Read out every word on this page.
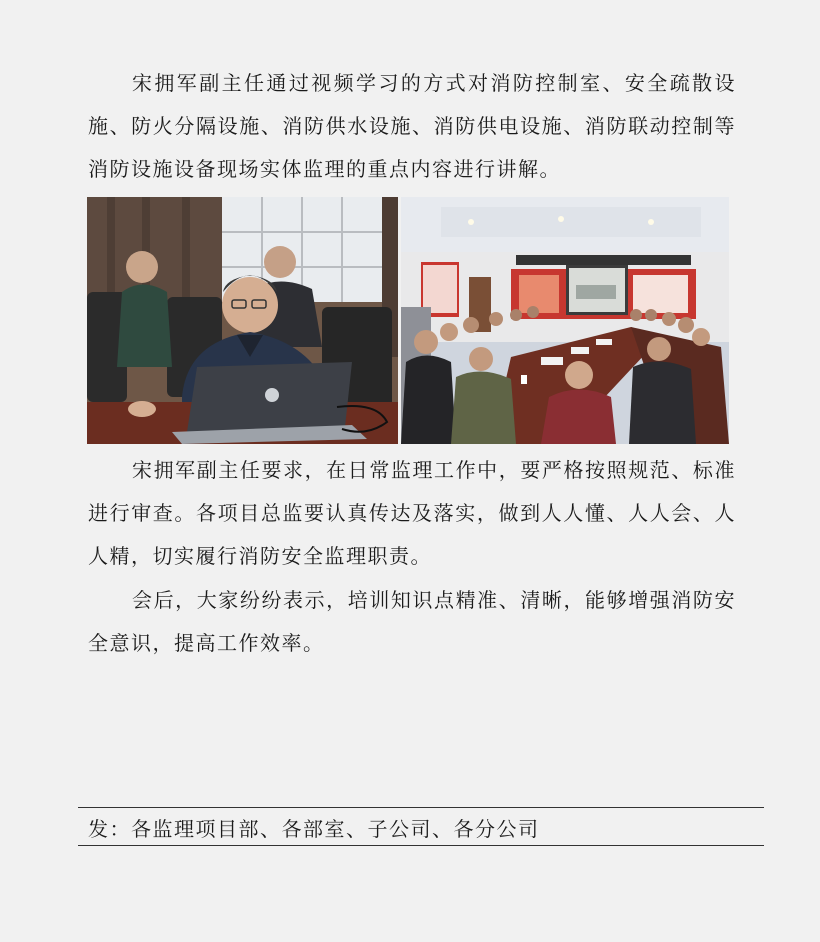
宋拥军副主任通过视频学习的方式对消防控制室、安全疏散设施、防火分隔设施、消防供水设施、消防供电设施、消防联动控制等消防设施设备现场实体监理的重点内容进行讲解。

宋拥军副主任要求，在日常监理工作中，要严格按照规范、标准进行审查。各项目总监要认真传达及落实，做到人人懂、人人会、人人精，切实履行消防安全监理职责。

会后，大家纷纷表示，培训知识点精准、清晰，能够增强消防安全意识，提高工作效率。

发：各监理项目部、各部室、子公司、各分公司
